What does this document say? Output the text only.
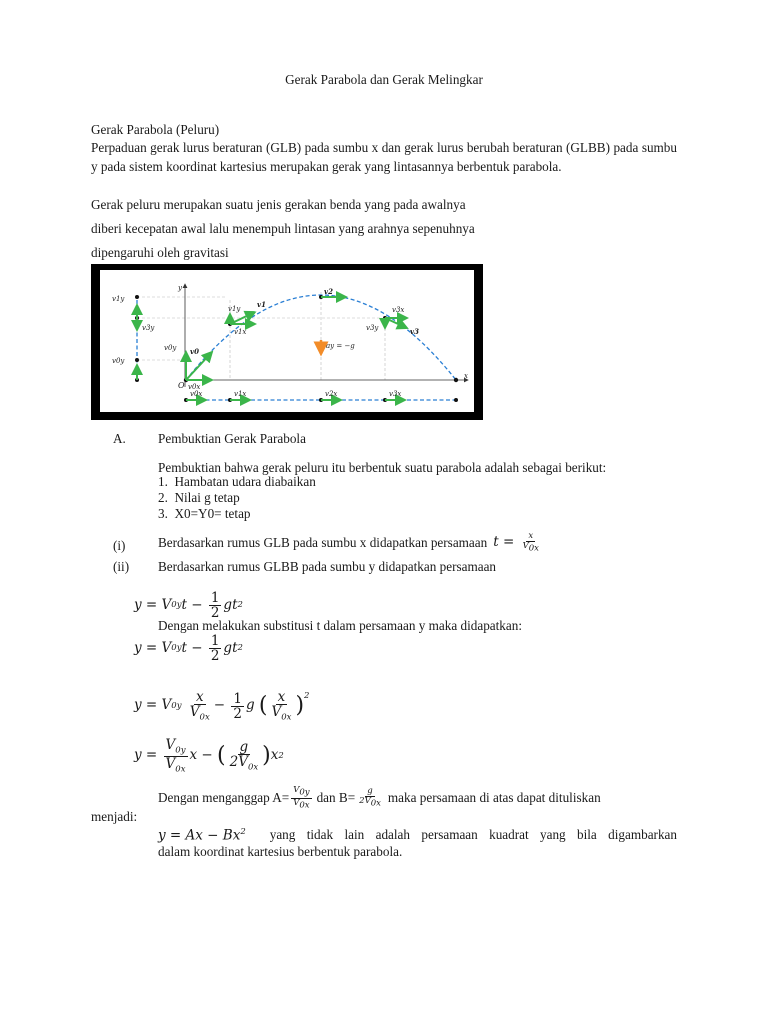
Gerak Parabola dan Gerak Melingkar
Gerak Parabola (Peluru)
Perpaduan gerak lurus beraturan (GLB) pada sumbu x dan gerak lurus berubah beraturan (GLBB) pada sumbu y pada sistem koordinat kartesius merupakan gerak yang lintasannya berbentuk parabola.
Gerak peluru merupakan suatu jenis gerakan benda yang pada awalnya
diberi kecepatan awal lalu menempuh lintasan yang arahnya sepenuhnya
dipengaruhi oleh gravitasi
y
x
O
v0
v1
v2
v3
v1y
v3y
v0y
v0y
v1y
v1x	v3y
v3x
ay = −g
v0x
v0x	v1x	v2x	v3x
A. Pembuktian Gerak Parabola
Pembuktian bahwa gerak peluru itu berbentuk suatu parabola adalah sebagai berikut:
1. Hambatan udara diabaikan
2. Nilai g tetap
3. X0=Y0= tetap
(i) Berdasarkan rumus GLB pada sumbu x didapatkan persamaan $t = \frac{x}{V_{0x}}$
(ii) Berdasarkan rumus GLBB pada sumbu y didapatkan persamaan
y = V 0y $t - \frac{1}{2}$ gt 2
Dengan melakukan substitusi t dalam persamaan y maka didapatkan:
y = V 0y $t - \frac{1}{2}$ gt 2
y = V 0y
$\frac{x}{V_{0x}} - \frac{1}{2}$ g ( $\frac{x}{V_{0x}} )^2$
$y = \frac{V_{0y}}{V_{0x}}$ x − ( $\frac{g}{2V_{0x}}$ ) x 2
Dengan menganggap $A= \frac{V_{0y}}{V_{0x}}$ dan $B= \frac{g}{2V_{0x}}$ maka persamaan di atas dapat dituliskan
menjadi:
$y = Ax - Bx^2$ yang tidak lain adalah persamaan kuadrat yang bila digambarkan
dalam koordinat kartesius berbentuk parabola.
